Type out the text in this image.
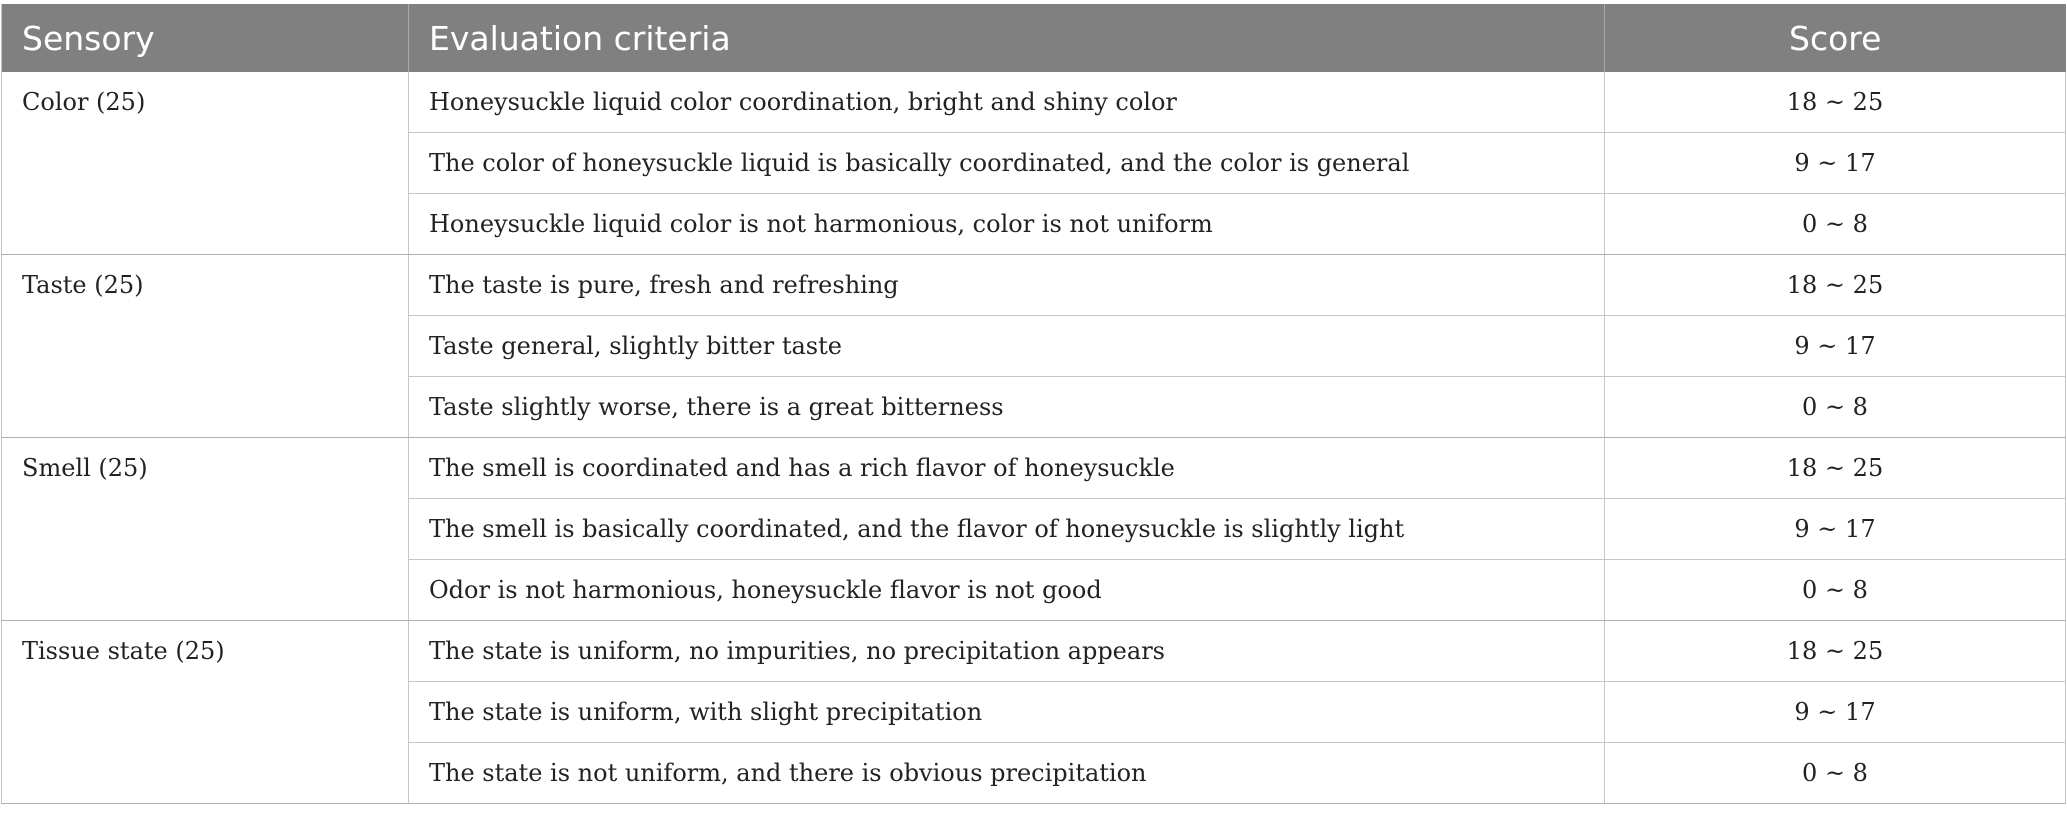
Sensory	Evaluation criteria	Score
Color (25)	Honeysuckle liquid color coordination, bright and shiny color	18 ~ 25
	The color of honeysuckle liquid is basically coordinated, and the color is general	9 ~ 17
	Honeysuckle liquid color is not harmonious, color is not uniform	0 ~ 8
Taste (25)	The taste is pure, fresh and refreshing	18 ~ 25
	Taste general, slightly bitter taste	9 ~ 17
	Taste slightly worse, there is a great bitterness	0 ~ 8
Smell (25)	The smell is coordinated and has a rich flavor of honeysuckle	18 ~ 25
	The smell is basically coordinated, and the flavor of honeysuckle is slightly light	9 ~ 17
	Odor is not harmonious, honeysuckle flavor is not good	0 ~ 8
Tissue state (25)	The state is uniform, no impurities, no precipitation appears	18 ~ 25
	The state is uniform, with slight precipitation	9 ~ 17
	The state is not uniform, and there is obvious precipitation	0 ~ 8
